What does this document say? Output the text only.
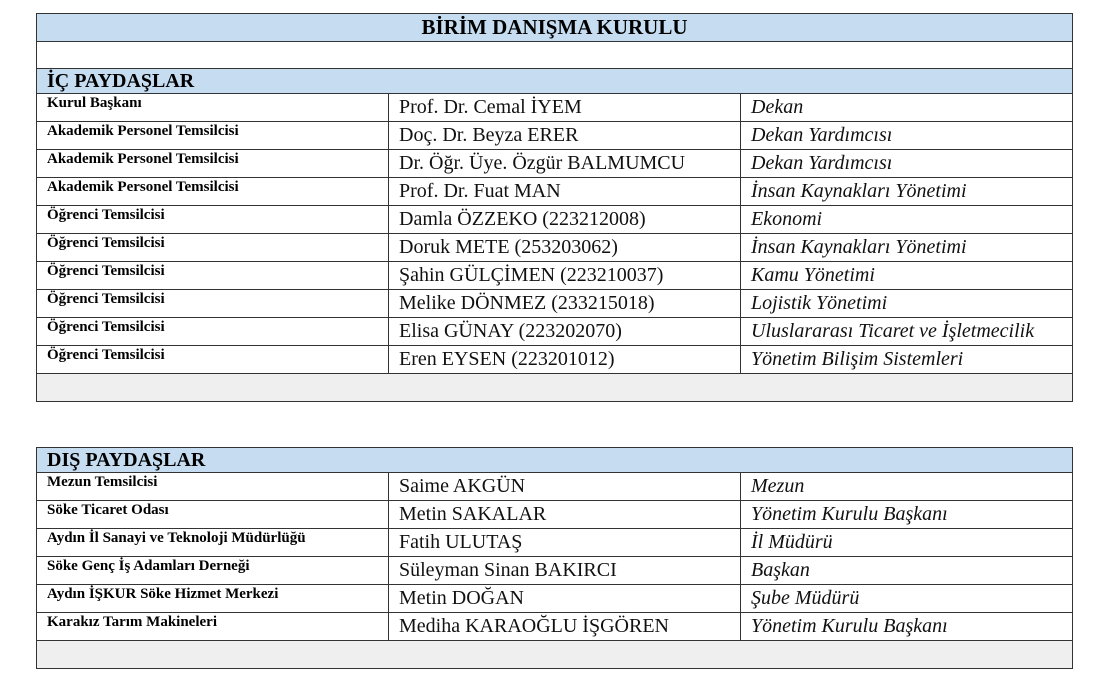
BİRİM DANIŞMA KURULU		

İÇ PAYDAŞLAR		
Kurul Başkanı	Prof. Dr. Cemal İYEM	Dekan
Akademik Personel Temsilcisi	Doç. Dr. Beyza ERER	Dekan Yardımcısı
Akademik Personel Temsilcisi	Dr. Öğr. Üye. Özgür BALMUMCU	Dekan Yardımcısı
Akademik Personel Temsilcisi	Prof. Dr. Fuat MAN	İnsan Kaynakları Yönetimi
Öğrenci Temsilcisi	Damla ÖZZEKO (223212008)	Ekonomi
Öğrenci Temsilcisi	Doruk METE (253203062)	İnsan Kaynakları Yönetimi
Öğrenci Temsilcisi	Şahin GÜLÇİMEN (223210037)	Kamu Yönetimi
Öğrenci Temsilcisi	Melike DÖNMEZ (233215018)	Lojistik Yönetimi
Öğrenci Temsilcisi	Elisa GÜNAY (223202070)	Uluslararası Ticaret ve İşletmecilik
Öğrenci Temsilcisi	Eren EYSEN (223201012)	Yönetim Bilişim Sistemleri

DIŞ PAYDAŞLAR		
Mezun Temsilcisi	Saime AKGÜN	Mezun
Söke Ticaret Odası	Metin SAKALAR	Yönetim Kurulu Başkanı
Aydın İl Sanayi ve Teknoloji Müdürlüğü	Fatih ULUTAŞ	İl Müdürü
Söke Genç İş Adamları Derneği	Süleyman Sinan BAKIRCI	Başkan
Aydın İŞKUR Söke Hizmet Merkezi	Metin DOĞAN	Şube Müdürü
Karakız Tarım Makineleri	Mediha KARAOĞLU İŞGÖREN	Yönetim Kurulu Başkanı
